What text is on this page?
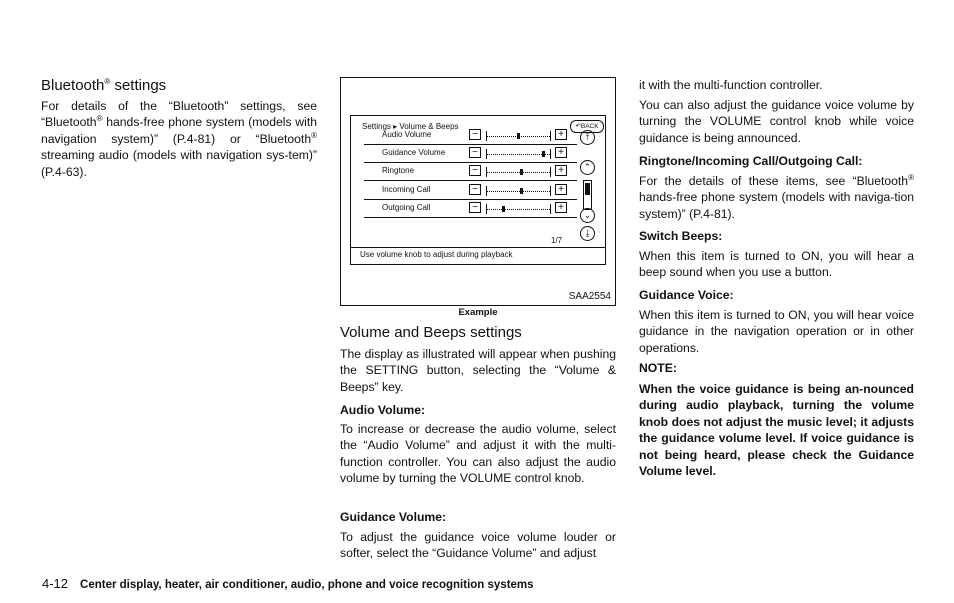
Bluetooth® settings

For details of the “Bluetooth” settings, see “Bluetooth® hands-free phone system (models with navigation system)” (P.4-81) or “Bluetooth® streaming audio (models with navigation sys-tem)” (P.4-63).

Settings ▸ Volume & Beeps	↶BACK
Audio Volume	−	+
Guidance Volume	−	+
Ringtone	−	+
Incoming Call	−	+
Outgoing Call	−	+
⤒
⌃
⌄
⤓
1/7
Use volume knob to adjust during playback
SAA2554
Example

Volume and Beeps settings

The display as illustrated will appear when pushing the SETTING button, selecting the “Volume & Beeps” key.

Audio Volume:

To increase or decrease the audio volume, select the “Audio Volume” and adjust it with the multi-function controller. You can also adjust the audio volume by turning the VOLUME control knob.

Guidance Volume:

To adjust the guidance voice volume louder or softer, select the “Guidance Volume” and adjust

it with the multi-function controller.

You can also adjust the guidance voice volume by turning the VOLUME control knob while voice guidance is being announced.

Ringtone/Incoming Call/Outgoing Call:

For the details of these items, see “Bluetooth® hands-free phone system (models with naviga-tion system)” (P.4-81).

Switch Beeps:

When this item is turned to ON, you will hear a beep sound when you use a button.

Guidance Voice:

When this item is turned to ON, you will hear voice guidance in the navigation operation or in other operations.

NOTE:

When the voice guidance is being an-nounced during audio playback, turning the volume knob does not adjust the music level; it adjusts the guidance volume level. If voice guidance is not being heard, please check the Guidance Volume level.

4-12 Center display, heater, air conditioner, audio, phone and voice recognition systems
